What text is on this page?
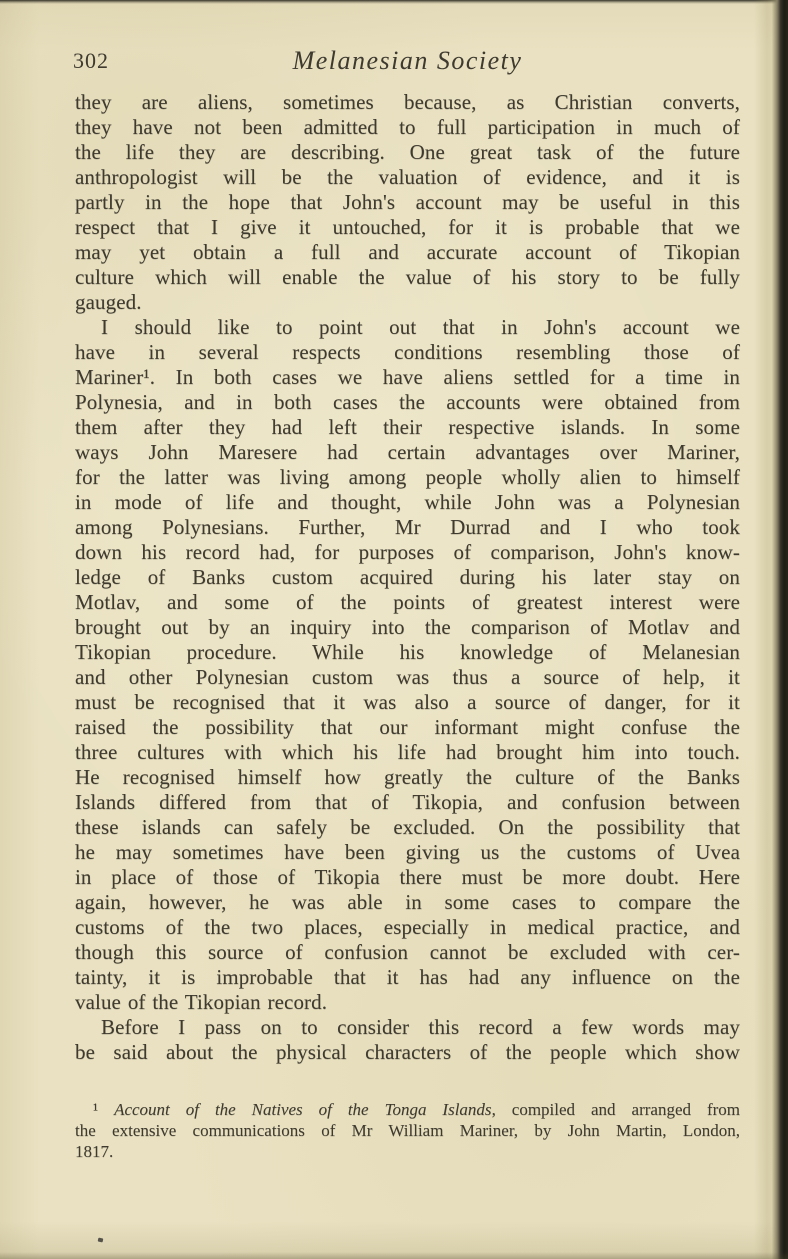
302	Melanesian Society
they are aliens, sometimes because, as Christian converts,
they have not been admitted to full participation in much of
the life they are describing. One great task of the future
anthropologist will be the valuation of evidence, and it is
partly in the hope that John's account may be useful in this
respect that I give it untouched, for it is probable that we
may yet obtain a full and accurate account of Tikopian
culture which will enable the value of his story to be fully
gauged.
I should like to point out that in John's account we
have in several respects conditions resembling those of
Mariner¹. In both cases we have aliens settled for a time in
Polynesia, and in both cases the accounts were obtained from
them after they had left their respective islands. In some
ways John Maresere had certain advantages over Mariner,
for the latter was living among people wholly alien to himself
in mode of life and thought, while John was a Polynesian
among Polynesians. Further, Mr Durrad and I who took
down his record had, for purposes of comparison, John's know-
ledge of Banks custom acquired during his later stay on
Motlav, and some of the points of greatest interest were
brought out by an inquiry into the comparison of Motlav and
Tikopian procedure. While his knowledge of Melanesian
and other Polynesian custom was thus a source of help, it
must be recognised that it was also a source of danger, for it
raised the possibility that our informant might confuse the
three cultures with which his life had brought him into touch.
He recognised himself how greatly the culture of the Banks
Islands differed from that of Tikopia, and confusion between
these islands can safely be excluded. On the possibility that
he may sometimes have been giving us the customs of Uvea
in place of those of Tikopia there must be more doubt. Here
again, however, he was able in some cases to compare the
customs of the two places, especially in medical practice, and
though this source of confusion cannot be excluded with cer-
tainty, it is improbable that it has had any influence on the
value of the Tikopian record.
Before I pass on to consider this record a few words may
be said about the physical characters of the people which show
¹ Account of the Natives of the Tonga Islands, compiled and arranged from
the extensive communications of Mr William Mariner, by John Martin, London,
1817.
